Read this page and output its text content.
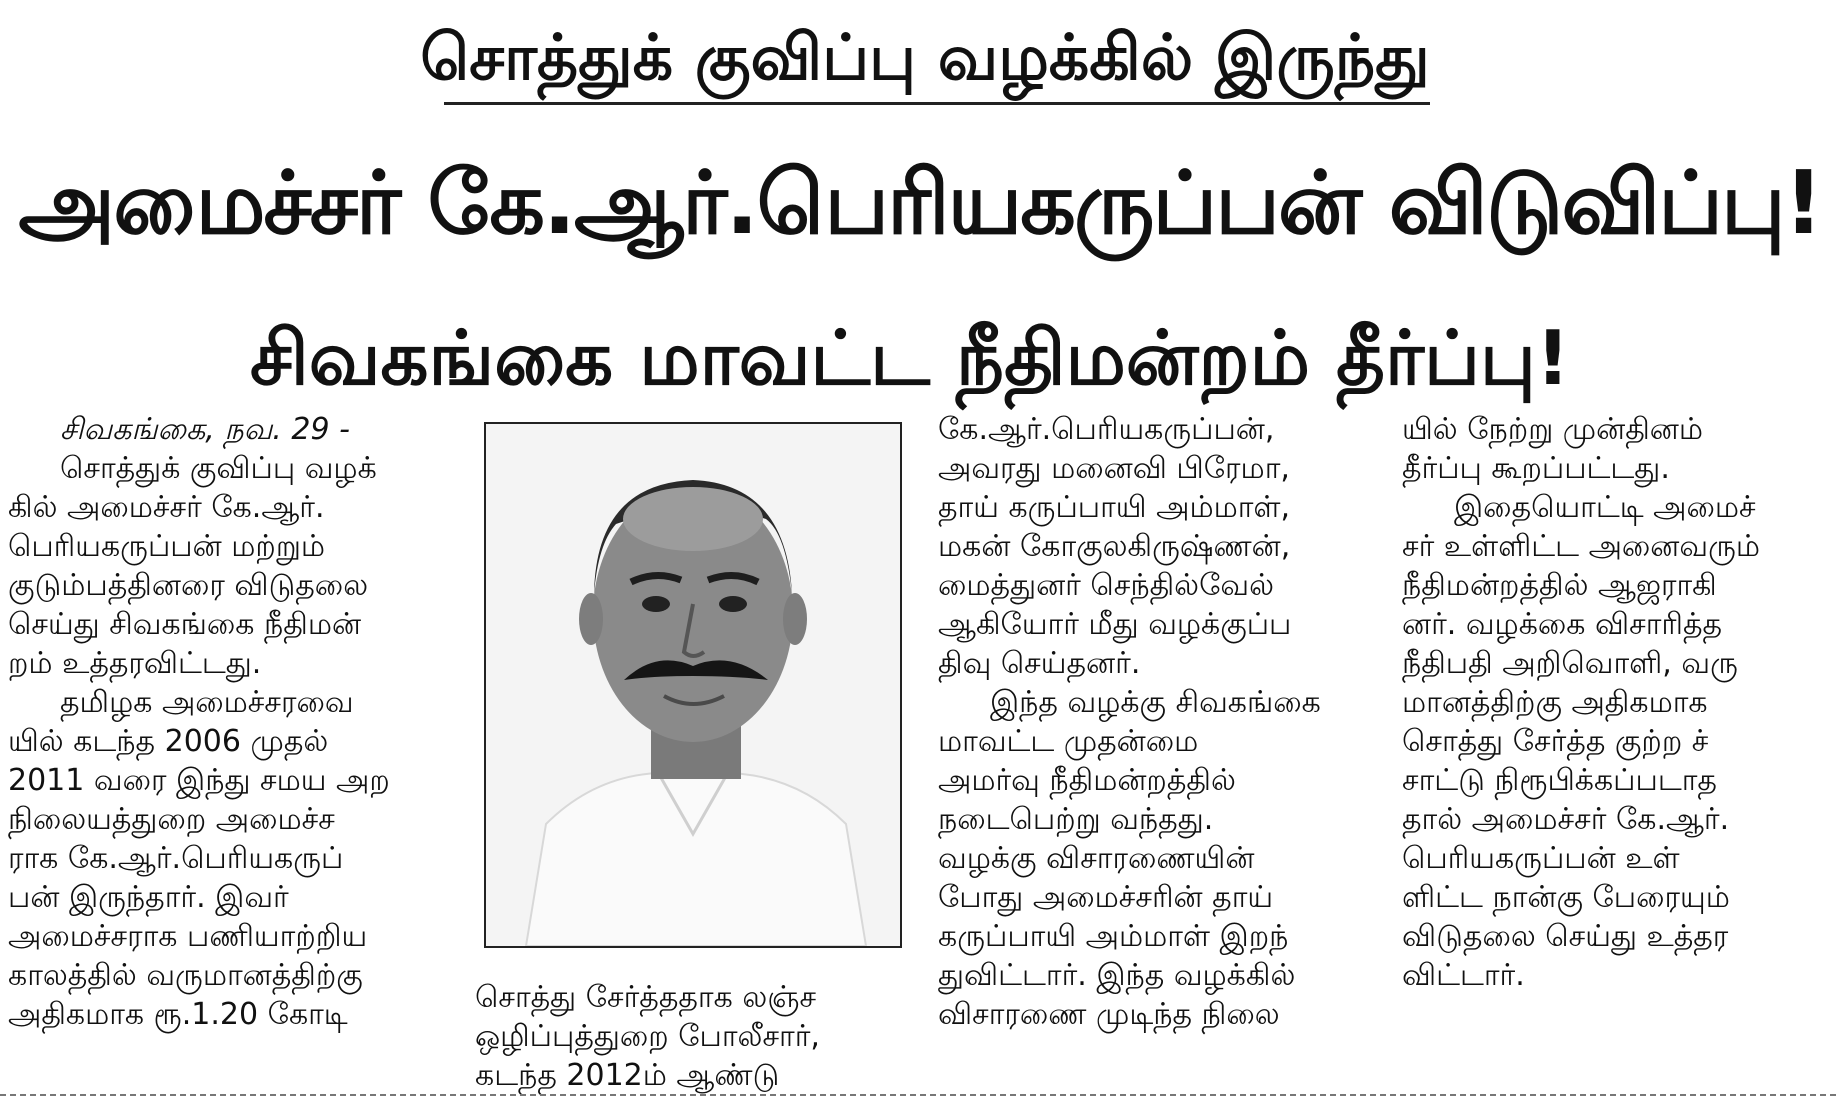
சொத்துக் குவிப்பு வழக்கில் இருந்து
அமைச்சர் கே.ஆர்.பெரியகருப்பன் விடுவிப்பு!
சிவகங்கை மாவட்ட நீதிமன்றம் தீர்ப்பு!
சிவகங்கை, நவ. 29 -
சொத்துக் குவிப்பு வழக்
கில் அமைச்சர் கே.ஆர்.
பெரியகருப்பன் மற்றும்
குடும்பத்தினரை விடுதலை
செய்து சிவகங்கை நீதிமன்
றம் உத்தரவிட்டது.
தமிழக அமைச்சரவை
யில் கடந்த 2006 முதல்
2011 வரை இந்து சமய அற
நிலையத்துறை அமைச்ச
ராக கே.ஆர்.பெரியகருப்
பன் இருந்தார். இவர்
அமைச்சராக பணியாற்றிய
காலத்தில் வருமானத்திற்கு
அதிகமாக ரூ.1.20 கோடி	சொத்து சேர்த்ததாக லஞ்ச
ஒழிப்புத்துறை போலீசார்,
கடந்த 2012ம் ஆண்டு
கே.ஆர்.பெரியகருப்பன்,
அவரது மனைவி பிரேமா,
தாய் கருப்பாயி அம்மாள்,
மகன் கோகுலகிருஷ்ணன்,
மைத்துனர் செந்தில்வேல்
ஆகியோர் மீது வழக்குப்ப
திவு செய்தனர்.
இந்த வழக்கு சிவகங்கை
மாவட்ட முதன்மை
அமர்வு நீதிமன்றத்தில்
நடைபெற்று வந்தது.
வழக்கு விசாரணையின்
போது அமைச்சரின் தாய்
கருப்பாயி அம்மாள் இறந்
துவிட்டார். இந்த வழக்கில்
விசாரணை முடிந்த நிலை
யில் நேற்று முன்தினம்
தீர்ப்பு கூறப்பட்டது.
இதையொட்டி அமைச்
சர் உள்ளிட்ட அனைவரும்
நீதிமன்றத்தில் ஆஜராகி
னர். வழக்கை விசாரித்த
நீதிபதி அறிவொளி, வரு
மானத்திற்கு அதிகமாக
சொத்து சேர்த்த குற்ற ச்
சாட்டு நிரூபிக்கப்படாத
தால் அமைச்சர் கே.ஆர்.
பெரியகருப்பன் உள்
ளிட்ட நான்கு பேரையும்
விடுதலை செய்து உத்தர
விட்டார்.
